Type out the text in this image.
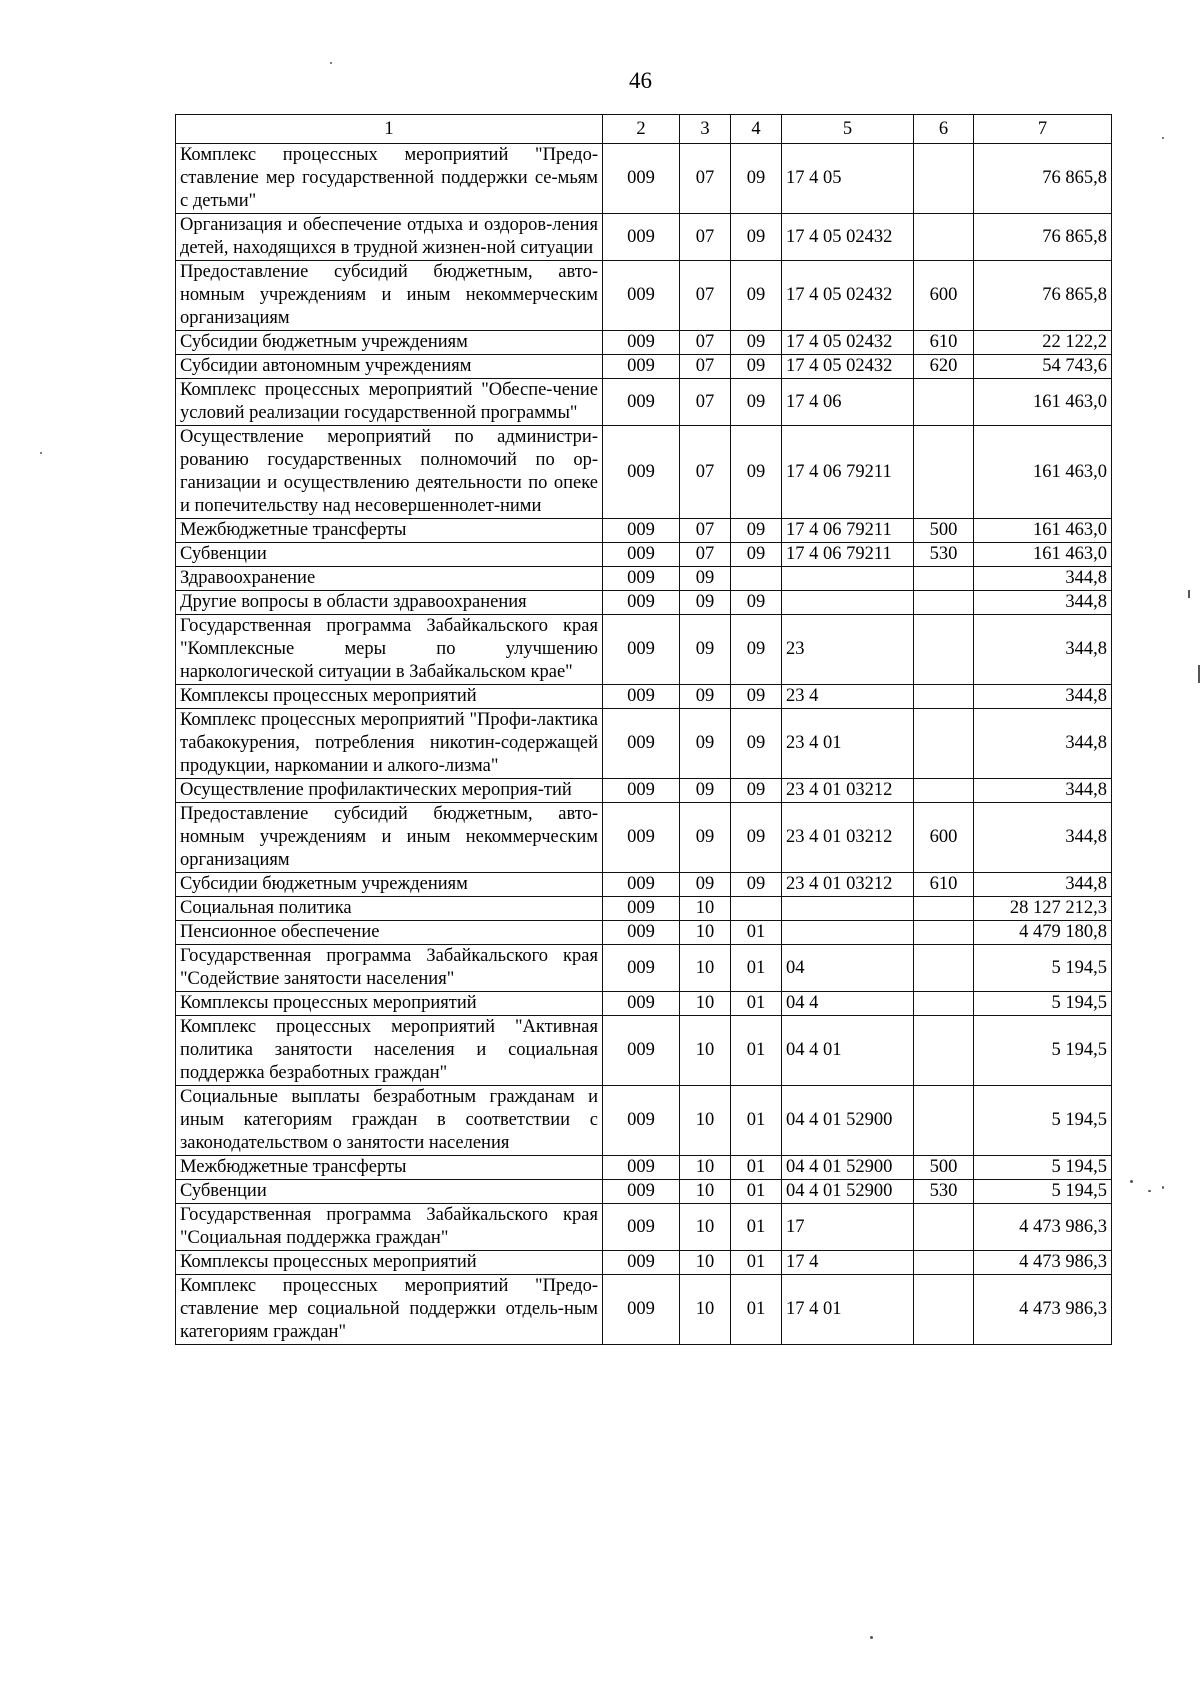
46
1	2	3	4	5	6	7
Комплекс процессных мероприятий "Предо-ставление мер государственной поддержки се-мьям с детьми"	009	07	09	17 4 05		76 865,8
Организация и обеспечение отдыха и оздоров-ления детей, находящихся в трудной жизнен-ной ситуации	009	07	09	17 4 05 02432		76 865,8
Предоставление субсидий бюджетным, авто-номным учреждениям и иным некоммерческим организациям	009	07	09	17 4 05 02432	600	76 865,8
Субсидии бюджетным учреждениям	009	07	09	17 4 05 02432	610	22 122,2
Субсидии автономным учреждениям	009	07	09	17 4 05 02432	620	54 743,6
Комплекс процессных мероприятий "Обеспе-чение условий реализации государственной программы"	009	07	09	17 4 06		161 463,0
Осуществление мероприятий по администри-рованию государственных полномочий по ор-ганизации и осуществлению деятельности по опеке и попечительству над несовершеннолет-ними	009	07	09	17 4 06 79211		161 463,0
Межбюджетные трансферты	009	07	09	17 4 06 79211	500	161 463,0
Субвенции	009	07	09	17 4 06 79211	530	161 463,0
Здравоохранение	009	09				344,8
Другие вопросы в области здравоохранения	009	09	09			344,8
Государственная программа Забайкальского края "Комплексные меры по улучшению наркологической ситуации в Забайкальском крае"	009	09	09	23		344,8
Комплексы процессных мероприятий	009	09	09	23 4		344,8
Комплекс процессных мероприятий "Профи-лактика табакокурения, потребления никотин-содержащей продукции, наркомании и алкого-лизма"	009	09	09	23 4 01		344,8
Осуществление профилактических мероприя-тий	009	09	09	23 4 01 03212		344,8
Предоставление субсидий бюджетным, авто-номным учреждениям и иным некоммерческим организациям	009	09	09	23 4 01 03212	600	344,8
Субсидии бюджетным учреждениям	009	09	09	23 4 01 03212	610	344,8
Социальная политика	009	10				28 127 212,3
Пенсионное обеспечение	009	10	01			4 479 180,8
Государственная программа Забайкальского края "Содействие занятости населения"	009	10	01	04		5 194,5
Комплексы процессных мероприятий	009	10	01	04 4		5 194,5
Комплекс процессных мероприятий "Активная политика занятости населения и социальная поддержка безработных граждан"	009	10	01	04 4 01		5 194,5
Социальные выплаты безработным гражданам и иным категориям граждан в соответствии с законодательством о занятости населения	009	10	01	04 4 01 52900		5 194,5
Межбюджетные трансферты	009	10	01	04 4 01 52900	500	5 194,5
Субвенции	009	10	01	04 4 01 52900	530	5 194,5
Государственная программа Забайкальского края "Социальная поддержка граждан"	009	10	01	17		4 473 986,3
Комплексы процессных мероприятий	009	10	01	17 4		4 473 986,3
Комплекс процессных мероприятий "Предо-ставление мер социальной поддержки отдель-ным категориям граждан"	009	10	01	17 4 01		4 473 986,3
